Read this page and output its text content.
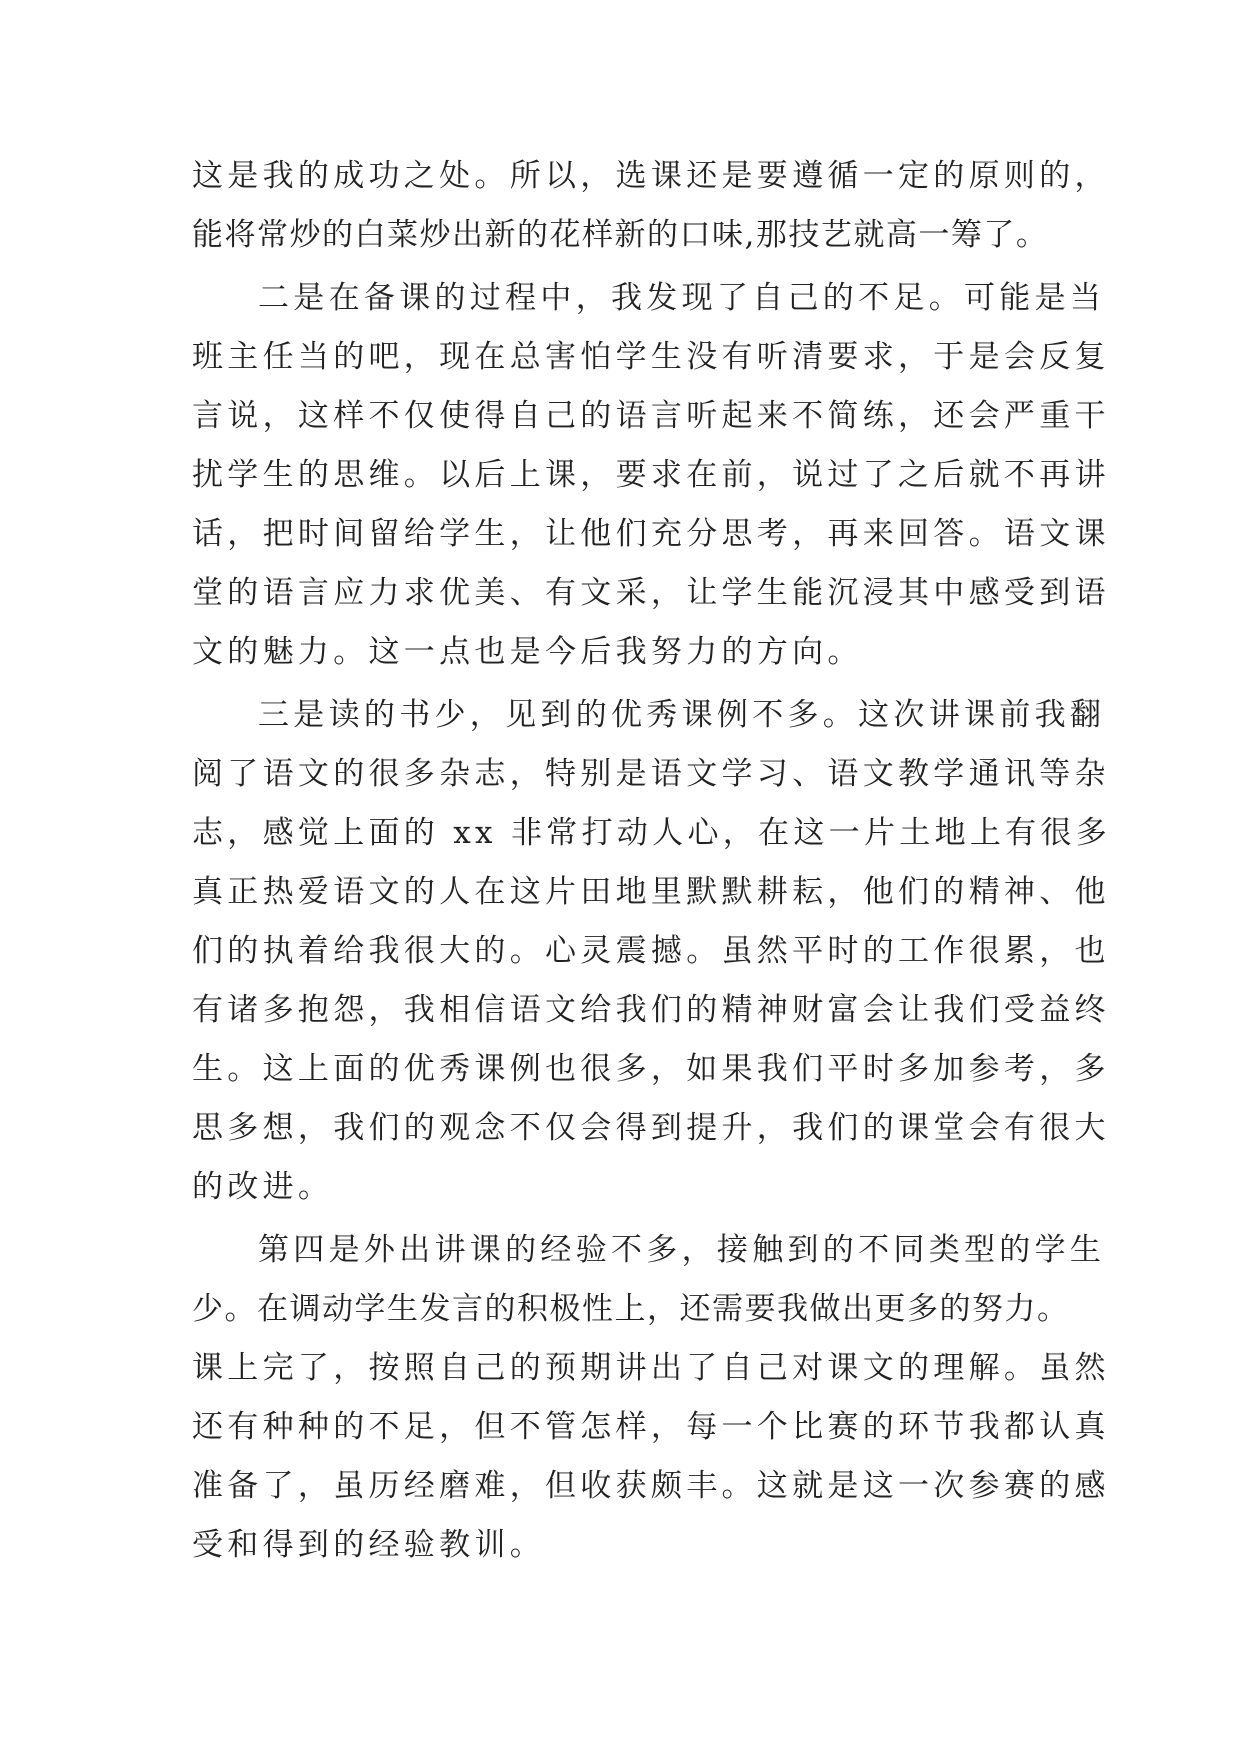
这是我的成功之处。所以，选课还是要遵循一定的原则的，
能将常炒的白菜炒出新的花样新的口味,那技艺就高一筹了。
二是在备课的过程中，我发现了自己的不足。可能是当
班主任当的吧，现在总害怕学生没有听清要求，于是会反复
言说，这样不仅使得自己的语言听起来不简练，还会严重干
扰学生的思维。以后上课，要求在前，说过了之后就不再讲
话，把时间留给学生，让他们充分思考，再来回答。语文课
堂的语言应力求优美、有文采，让学生能沉浸其中感受到语
文的魅力。这一点也是今后我努力的方向。
三是读的书少，见到的优秀课例不多。这次讲课前我翻
阅了语文的很多杂志，特别是语文学习、语文教学通讯等杂
志，感觉上面的 xx 非常打动人心，在这一片土地上有很多
真正热爱语文的人在这片田地里默默耕耘，他们的精神、他
们的执着给我很大的。心灵震撼。虽然平时的工作很累，也
有诸多抱怨，我相信语文给我们的精神财富会让我们受益终
生。这上面的优秀课例也很多，如果我们平时多加参考，多
思多想，我们的观念不仅会得到提升，我们的课堂会有很大
的改进。
第四是外出讲课的经验不多，接触到的不同类型的学生
少。在调动学生发言的积极性上，还需要我做出更多的努力。
课上完了，按照自己的预期讲出了自己对课文的理解。虽然
还有种种的不足，但不管怎样，每一个比赛的环节我都认真
准备了，虽历经磨难，但收获颇丰。这就是这一次参赛的感
受和得到的经验教训。
